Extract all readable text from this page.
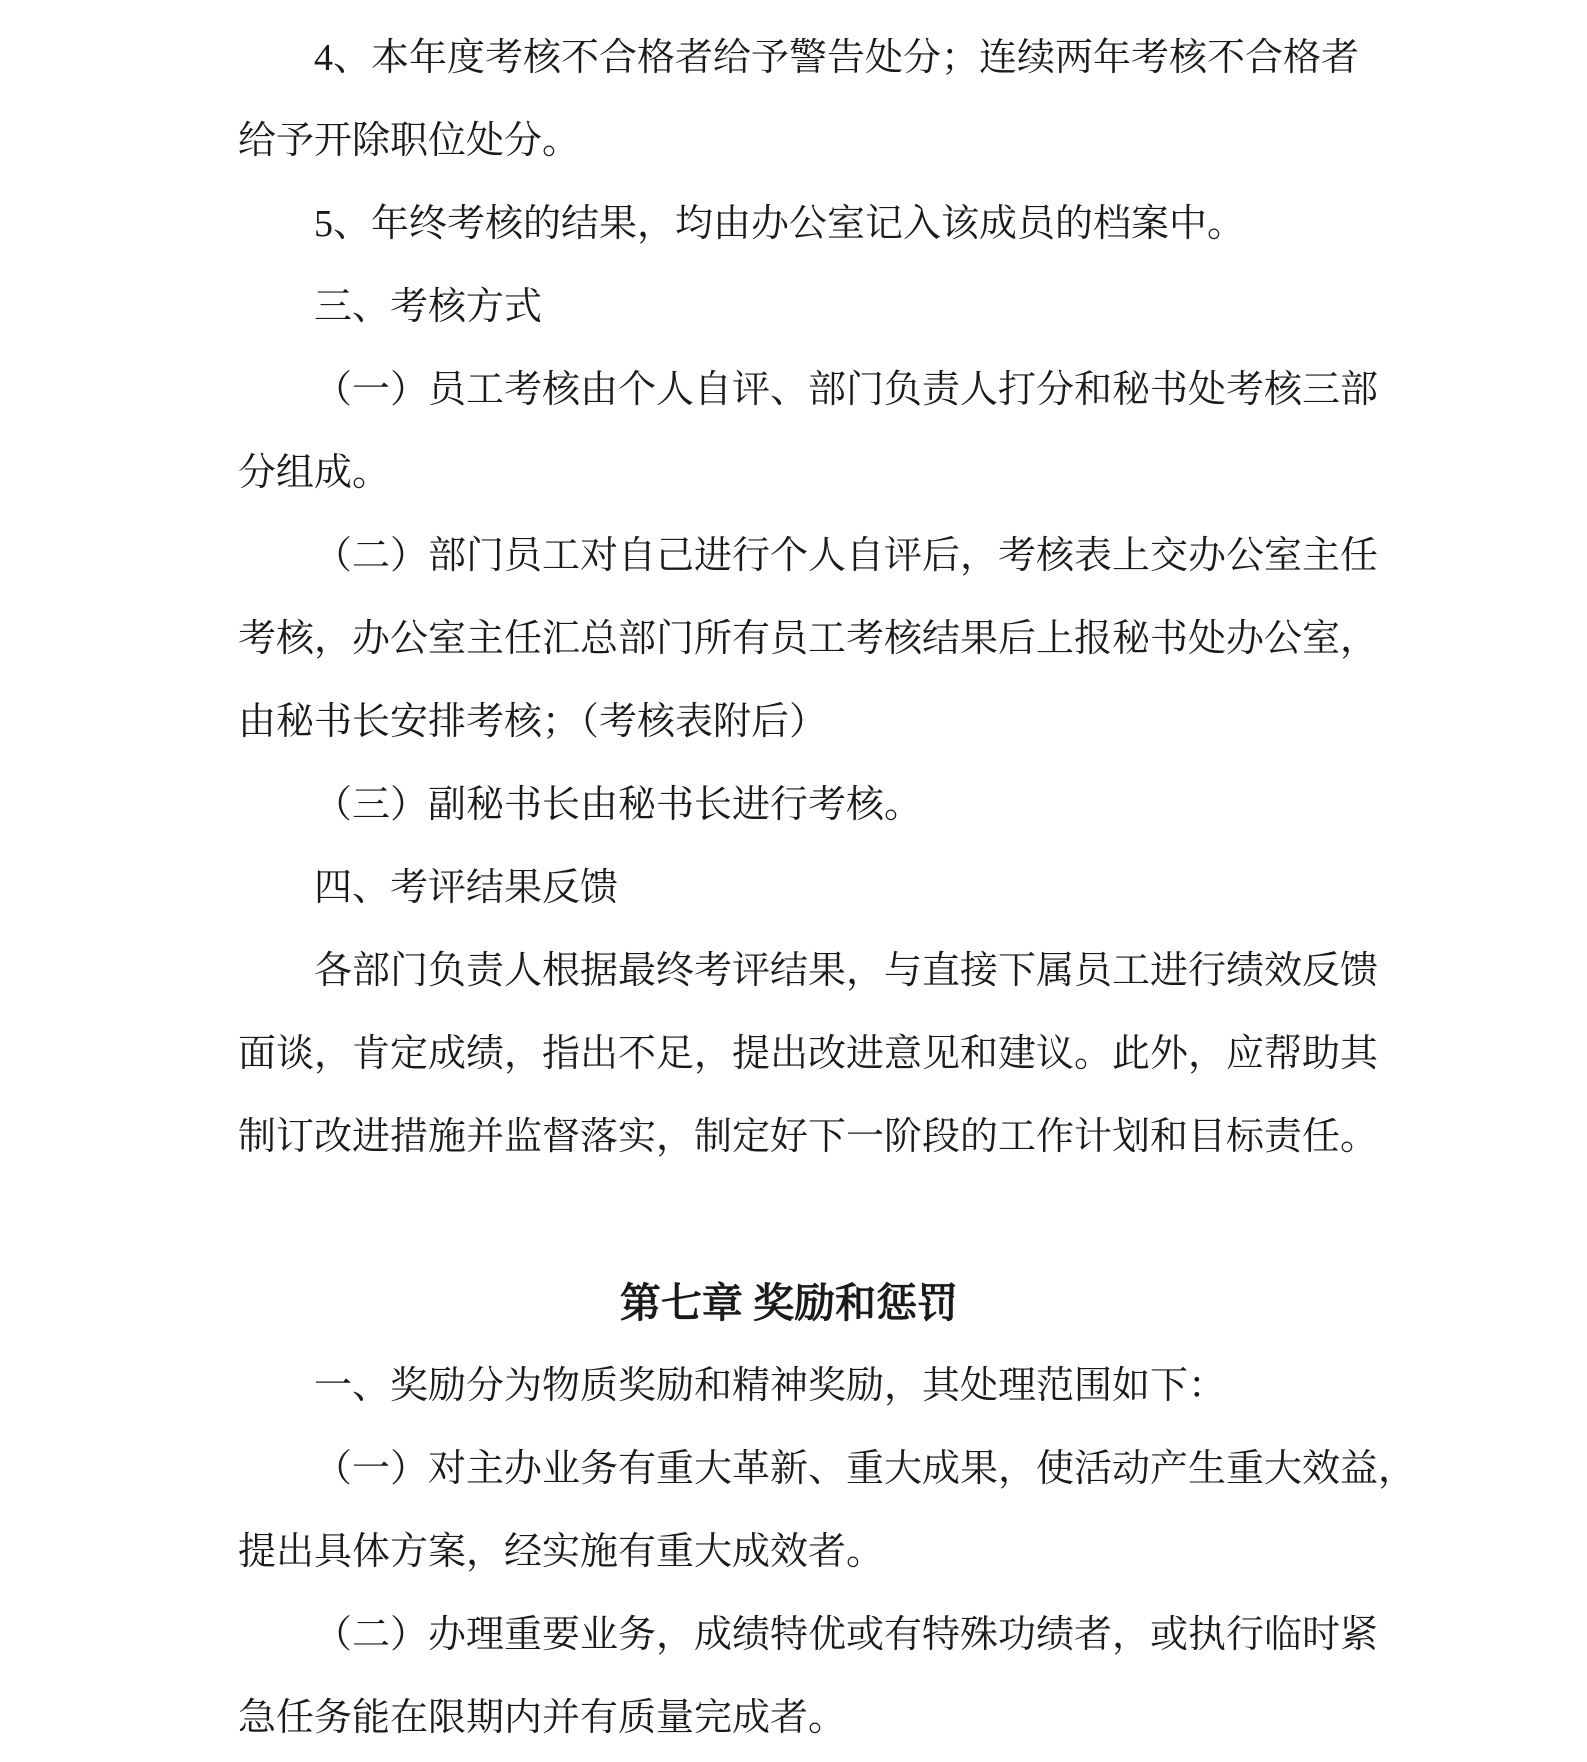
4、本年度考核不合格者给予警告处分；连续两年考核不合格者
给予开除职位处分。
5、年终考核的结果，均由办公室记入该成员的档案中。
三、考核方式
（一）员工考核由个人自评、部门负责人打分和秘书处考核三部
分组成。
（二）部门员工对自己进行个人自评后，考核表上交办公室主任
考核，办公室主任汇总部门所有员工考核结果后上报秘书处办公室，
由秘书长安排考核；（考核表附后）
（三）副秘书长由秘书长进行考核。
四、考评结果反馈
各部门负责人根据最终考评结果，与直接下属员工进行绩效反馈
面谈，肯定成绩，指出不足，提出改进意见和建议。此外，应帮助其
制订改进措施并监督落实，制定好下一阶段的工作计划和目标责任。
第七章 奖励和惩罚
一、奖励分为物质奖励和精神奖励，其处理范围如下：
（一）对主办业务有重大革新、重大成果，使活动产生重大效益，
提出具体方案，经实施有重大成效者。
（二）办理重要业务，成绩特优或有特殊功绩者，或执行临时紧
急任务能在限期内并有质量完成者。
